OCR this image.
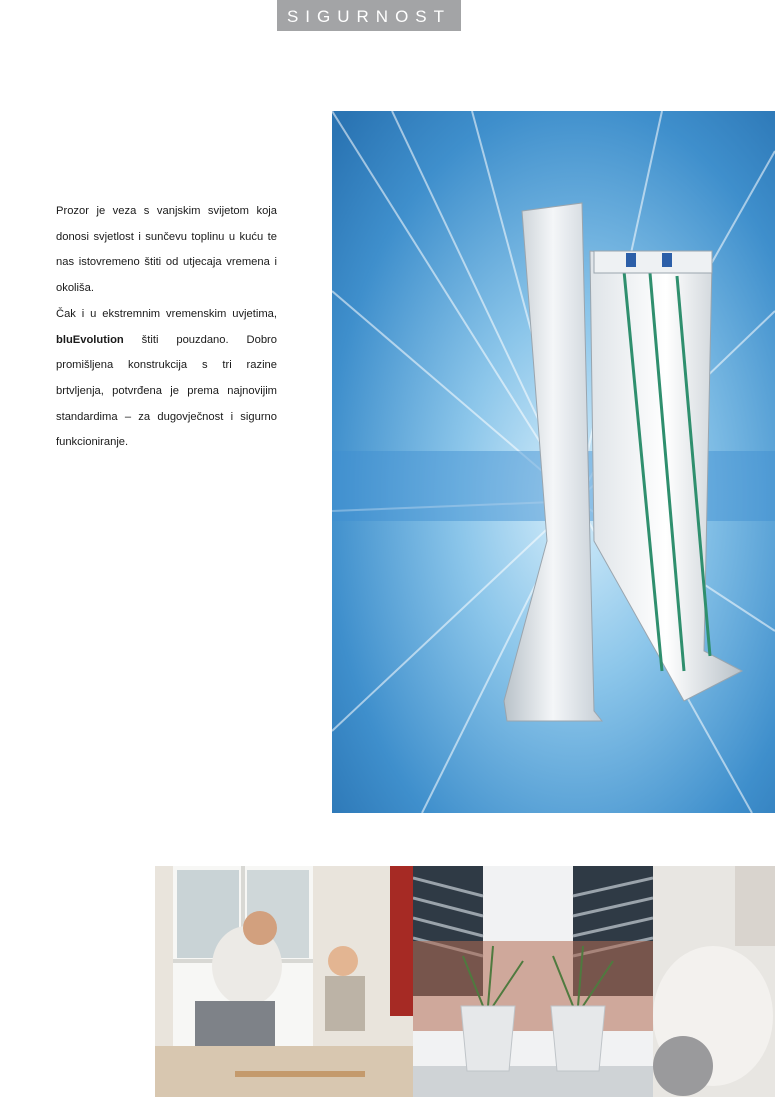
SIGURNOST

Prozor je veza s vanjskim svijetom koja donosi svjetlost i sunčevu toplinu u kuću te nas istovremeno štiti od utjecaja vremena i okoliša.

Čak i u ekstremnim vremenskim uvjetima, bluEvolution štiti pouzdano. Dobro promišljena konstrukcija s tri razine brtvljenja, potvrđena je prema najnovijim standardima – za dugovječnost i sigurno funkcioniranje.
